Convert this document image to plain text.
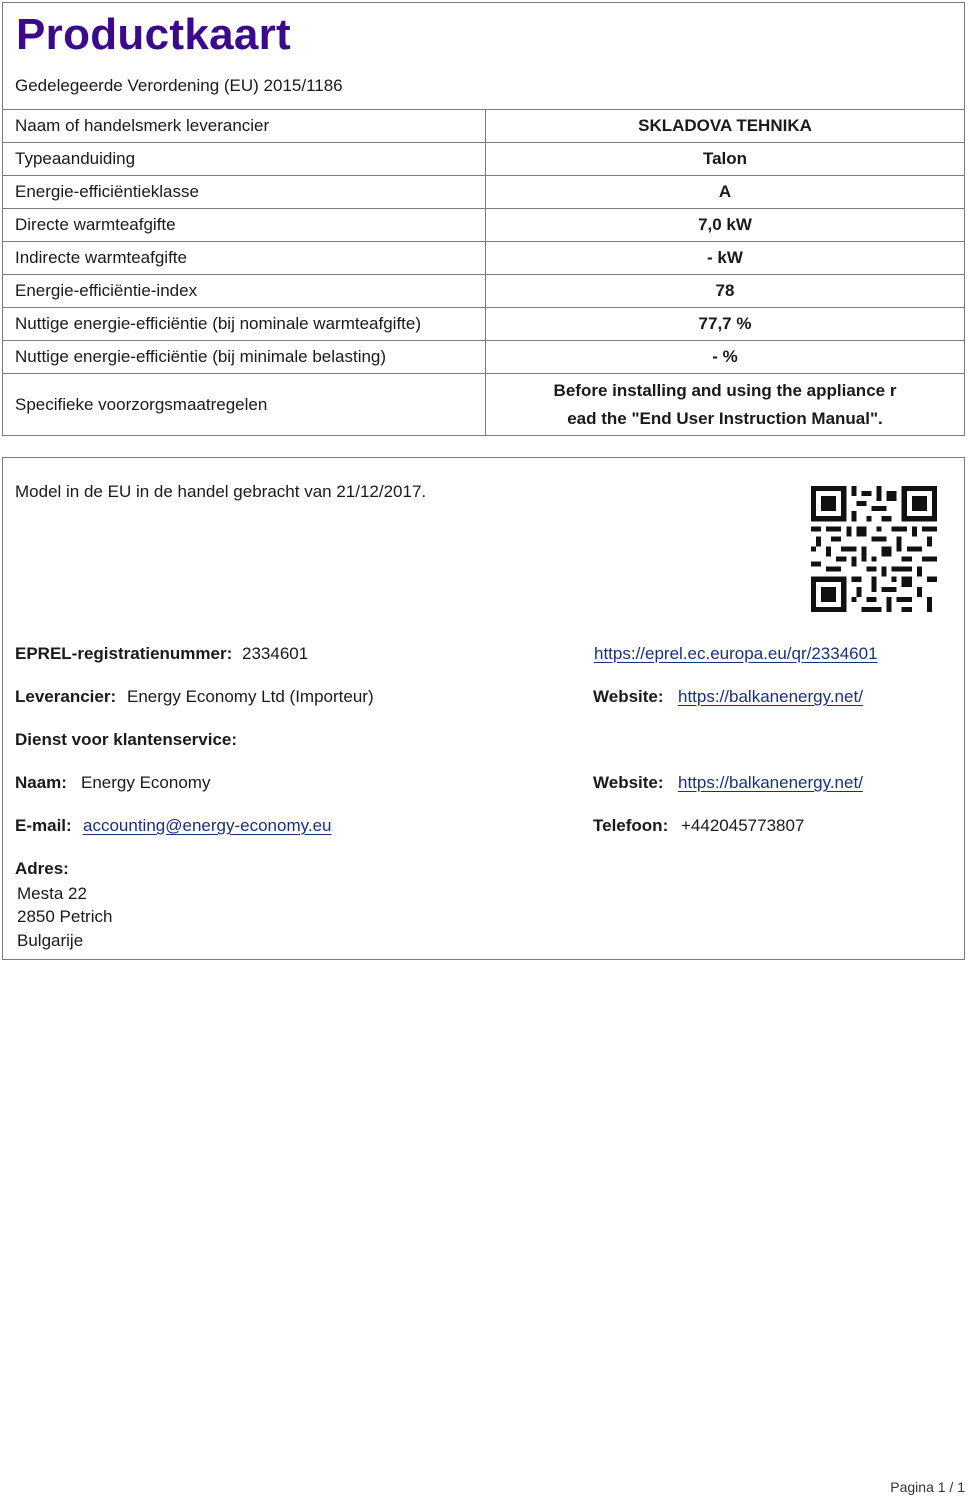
Productkaart
Gedelegeerde Verordening (EU) 2015/1186
Naam of handelsmerk leverancier	SKLADOVA TEHNIKA
Typeaanduiding	Talon
Energie-efficiëntieklasse	A
Directe warmteafgifte	7,0 kW
Indirecte warmteafgifte	- kW
Energie-efficiëntie-index	78
Nuttige energie-efficiëntie (bij nominale warmteafgifte)	77,7 %
Nuttige energie-efficiëntie (bij minimale belasting)	- %
Specifieke voorzorgsmaatregelen	Before installing and using the appliance r
ead the "End User Instruction Manual".
Model in de EU in de handel gebracht van 21/12/2017.
EPREL-registratienummer: 2334601	https://eprel.ec.europa.eu/qr/2334601
Leverancier: Energy Economy Ltd (Importeur)	Website: https://balkanenergy.net/
Dienst voor klantenservice:
Naam: Energy Economy	Website: https://balkanenergy.net/
E-mail: accounting@energy-economy.eu	Telefoon: +442045773807
Adres:
Mesta 22
2850 Petrich
Bulgarije
Pagina 1 / 1
